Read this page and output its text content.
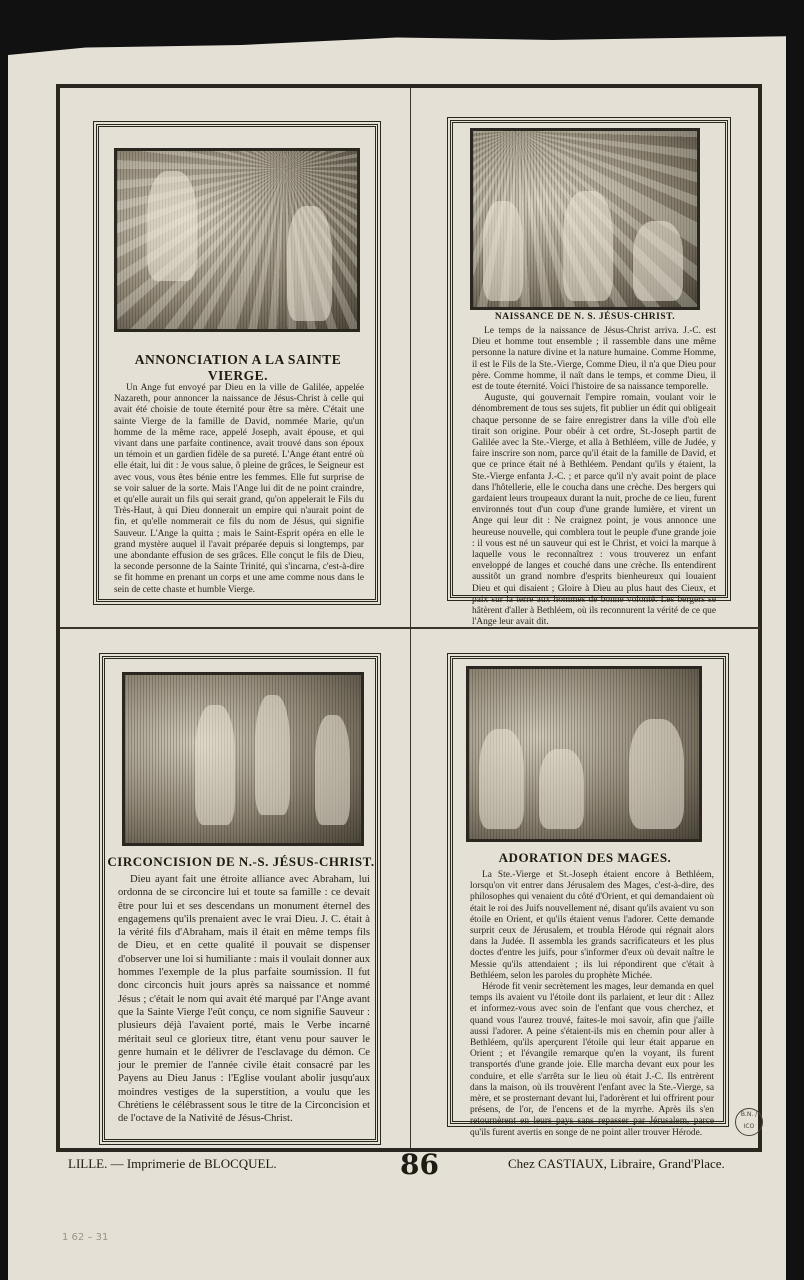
ANNONCIATION A LA SAINTE VIERGE.

Un Ange fut envoyé par Dieu en la ville de Galilée, appelée Nazareth, pour annoncer la naissance de Jésus-Christ à celle qui avait été choisie de toute éternité pour être sa mère. C'était une sainte Vierge de la famille de David, nommée Marie, qu'un homme de la même race, appelé Joseph, avait épouse, et qui vivant dans une parfaite continence, avait trouvé dans son époux un témoin et un gardien fidèle de sa pureté. L'Ange étant entré où elle était, lui dit : Je vous salue, ô pleine de grâces, le Seigneur est avec vous, vous êtes bénie entre les femmes. Elle fut surprise de se voir saluer de la sorte. Mais l'Ange lui dit de ne point craindre, et qu'elle aurait un fils qui serait grand, qu'on appelerait le Fils du Très-Haut, à qui Dieu donnerait un empire qui n'aurait point de fin, et qu'elle nommerait ce fils du nom de Jésus, qui signifie Sauveur. L'Ange la quitta ; mais le Saint-Esprit opéra en elle le grand mystère auquel il l'avait préparée depuis si longtemps, par une abondante effusion de ses grâces. Elle conçut le fils de Dieu, la seconde personne de la Sainte Trinité, qui s'incarna, c'est-à-dire se fit homme en prenant un corps et une ame comme nous dans le sein de cette chaste et humble Vierge.

NAISSANCE DE N. S. JÉSUS-CHRIST.

Le temps de la naissance de Jésus-Christ arriva. J.-C. est Dieu et homme tout ensemble ; il rassemble dans une même personne la nature divine et la nature humaine. Comme Homme, il est le Fils de la Ste.-Vierge, Comme Dieu, il n'a que Dieu pour père. Comme homme, il naît dans le temps, et comme Dieu, il est de toute éternité. Voici l'histoire de sa naissance temporelle.

Auguste, qui gouvernait l'empire romain, voulant voir le dénombrement de tous ses sujets, fit publier un édit qui obligeait chaque personne de se faire enregistrer dans la ville d'où elle tirait son origine. Pour obéir à cet ordre, St.-Joseph partit de Galilée avec la Ste.-Vierge, et alla à Bethléem, ville de Judée, y faire inscrire son nom, parce qu'il était de la famille de David, et que ce prince était né à Bethléem. Pendant qu'ils y étaient, la Ste.-Vierge enfanta J.-C. ; et parce qu'il n'y avait point de place dans l'hôtellerie, elle le coucha dans une crèche. Des bergers qui gardaient leurs troupeaux durant la nuit, proche de ce lieu, furent environnés tout d'un coup d'une grande lumière, et virent un Ange qui leur dit : Ne craignez point, je vous annonce une heureuse nouvelle, qui comblera tout le peuple d'une grande joie : il vous est né un sauveur qui est le Christ, et voici la marque à laquelle vous le reconnaîtrez : vous trouverez un enfant enveloppé de langes et couché dans une crèche. Ils entendirent aussitôt un grand nombre d'esprits bienheureux qui louaient Dieu et qui disaient ; Gloire à Dieu au plus haut des Cieux, et paix sur la terre aux hommes de bonne volonté. Les bergers se hâtèrent d'aller à Bethléem, où ils reconnurent la vérité de ce que l'Ange leur avait dit.

CIRCONCISION DE N.-S. JÉSUS-CHRIST.

Dieu ayant fait une étroite alliance avec Abraham, lui ordonna de se circoncire lui et toute sa famille : ce devait être pour lui et ses descendans un monument éternel des engagemens qu'ils prenaient avec le vrai Dieu. J. C. était à la vérité fils d'Abraham, mais il était en même temps fils de Dieu, et en cette qualité il pouvait se dispenser d'observer une loi si humiliante : mais il voulait donner aux hommes l'exemple de la plus parfaite soumission. Il fut donc circoncis huit jours après sa naissance et nommé Jésus ; c'était le nom qui avait été marqué par l'Ange avant que la Sainte Vierge l'eût conçu, ce nom signifie Sauveur : plusieurs déjà l'avaient porté, mais le Verbe incarné méritait seul ce glorieux titre, étant venu pour sauver le genre humain et le délivrer de l'esclavage du démon. Ce jour le premier de l'année civile était consacré par les Payens au Dieu Janus : l'Eglise voulant abolir jusqu'aux moindres vestiges de la superstition, a voulu que les Chrétiens le célébrassent sous le titre de la Circoncision et de l'octave de la Nativité de Jésus-Christ.

ADORATION DES MAGES.

La Ste.-Vierge et St.-Joseph étaient encore à Bethléem, lorsqu'on vit entrer dans Jérusalem des Mages, c'est-à-dire, des philosophes qui venaient du côté d'Orient, et qui demandaient où était le roi des Juifs nouvellement né, disant qu'ils avaient vu son étoile en Orient, et qu'ils étaient venus l'adorer. Cette demande surprit ceux de Jérusalem, et troubla Hérode qui régnait alors dans la Judée. Il assembla les grands sacrificateurs et les plus doctes d'entre les juifs, pour s'informer d'eux où devait naître le Messie qu'ils attendaient ; ils lui répondirent que c'était à Bethléem, selon les paroles du prophète Michée.

Hérode fit venir secrètement les mages, leur demanda en quel temps ils avaient vu l'étoile dont ils parlaient, et leur dit : Allez et informez-vous avec soin de l'enfant que vous cherchez, et quand vous l'aurez trouvé, faites-le moi savoir, afin que j'aille aussi l'adorer. A peine s'étaient-ils mis en chemin pour aller à Bethléem, qu'ils aperçurent l'étoile qui leur était apparue en Orient ; et l'évangile remarque qu'en la voyant, ils furent transportés d'une grande joie. Elle marcha devant eux pour les conduire, et elle s'arrêta sur le lieu où était J.-C. Ils entrèrent dans la maison, où ils trouvèrent l'enfant avec la Ste.-Vierge, sa mère, et se prosternant devant lui, l'adorèrent et lui offrirent pour présens, de l'or, de l'encens et de la myrrhe. Après ils s'en retournèrent en leurs pays sans repasser par Jérusalem, parce qu'ils furent avertis en songe de ne point aller trouver Hérode.

LILLE. — Imprimerie de BLOCQUEL.	86	Chez CASTIAUX, Libraire, Grand'Place.
B.N. / ICO
1 62 – 31
